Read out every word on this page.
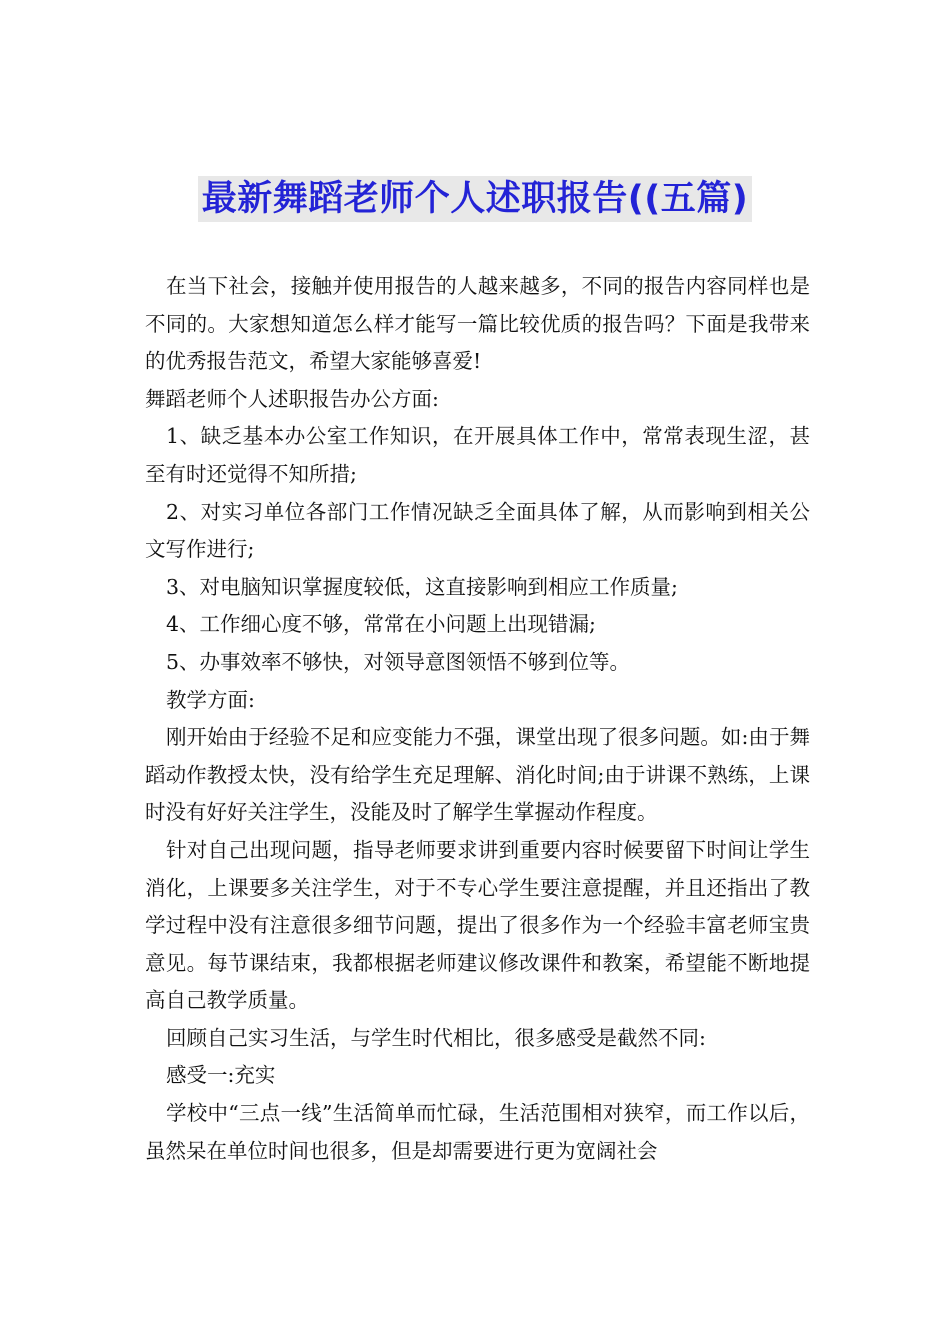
最新舞蹈老师个人述职报告((五篇)

在当下社会，接触并使用报告的人越来越多，不同的报告内容同样也是不同的。大家想知道怎么样才能写一篇比较优质的报告吗？下面是我带来的优秀报告范文，希望大家能够喜爱!

舞蹈老师个人述职报告办公方面:

1、缺乏基本办公室工作知识，在开展具体工作中，常常表现生涩，甚至有时还觉得不知所措;

2、对实习单位各部门工作情况缺乏全面具体了解，从而影响到相关公文写作进行;

3、对电脑知识掌握度较低，这直接影响到相应工作质量;

4、工作细心度不够，常常在小问题上出现错漏;

5、办事效率不够快，对领导意图领悟不够到位等。

教学方面:

刚开始由于经验不足和应变能力不强，课堂出现了很多问题。如:由于舞蹈动作教授太快，没有给学生充足理解、消化时间;由于讲课不熟练，上课时没有好好关注学生，没能及时了解学生掌握动作程度。

针对自己出现问题，指导老师要求讲到重要内容时候要留下时间让学生消化，上课要多关注学生，对于不专心学生要注意提醒，并且还指出了教学过程中没有注意很多细节问题，提出了很多作为一个经验丰富老师宝贵意见。每节课结束，我都根据老师建议修改课件和教案，希望能不断地提高自己教学质量。

回顾自己实习生活，与学生时代相比，很多感受是截然不同:

感受一:充实

学校中“三点一线”生活简单而忙碌，生活范围相对狭窄，而工作以后，虽然呆在单位时间也很多，但是却需要进行更为宽阔社会
